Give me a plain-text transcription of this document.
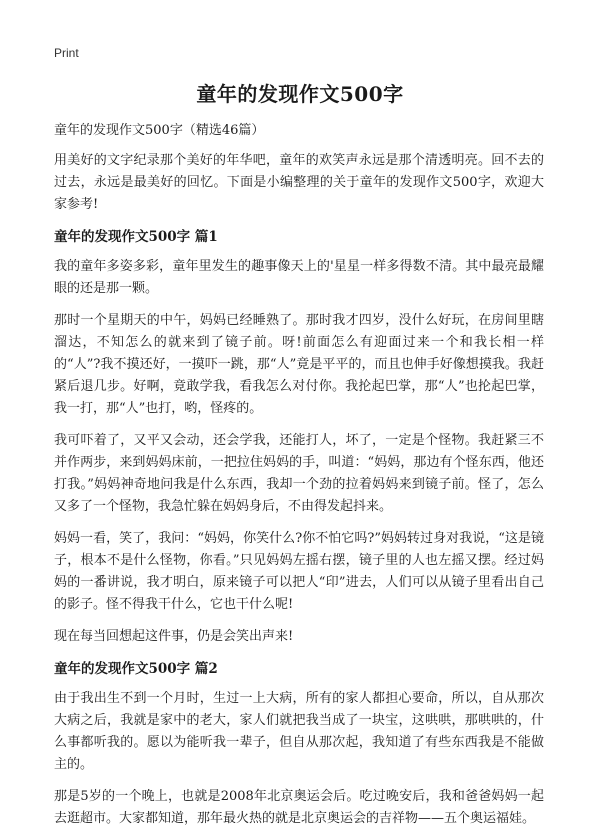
Print
童年的发现作文500字

童年的发现作文500字（精选46篇）

用美好的文字纪录那个美好的年华吧，童年的欢笑声永远是那个清透明亮。回不去的过去，永远是最美好的回忆。下面是小编整理的关于童年的发现作文500字，欢迎大家参考!

童年的发现作文500字 篇1

我的童年多姿多彩，童年里发生的趣事像天上的'星星一样多得数不清。其中最亮最耀眼的还是那一颗。

那时一个星期天的中午，妈妈已经睡熟了。那时我才四岁，没什么好玩，在房间里瞎溜达，不知怎么的就来到了镜子前。呀!前面怎么有迎面过来一个和我长相一样的“人”?我不摸还好，一摸吓一跳，那“人”竟是平平的，而且也伸手好像想摸我。我赶紧后退几步。好啊，竟敢学我，看我怎么对付你。我抡起巴掌，那“人”也抡起巴掌，我一打，那“人”也打，哟，怪疼的。

我可吓着了，又平又会动，还会学我，还能打人，坏了，一定是个怪物。我赶紧三不并作两步，来到妈妈床前，一把拉住妈妈的手，叫道：“妈妈，那边有个怪东西，他还打我。”妈妈神奇地问我是什么东西，我却一个劲的拉着妈妈来到镜子前。怪了，怎么又多了一个怪物，我急忙躲在妈妈身后，不由得发起抖来。

妈妈一看，笑了，我问：“妈妈，你笑什么?你不怕它吗?”妈妈转过身对我说，“这是镜子，根本不是什么怪物，你看。”只见妈妈左摇右摆，镜子里的人也左摇又摆。经过妈妈的一番讲说，我才明白，原来镜子可以把人“印”进去，人们可以从镜子里看出自己的影子。怪不得我干什么，它也干什么呢!

现在每当回想起这件事，仍是会笑出声来!

童年的发现作文500字 篇2

由于我出生不到一个月时，生过一上大病，所有的家人都担心要命，所以，自从那次大病之后，我就是家中的老大，家人们就把我当成了一块宝，这哄哄，那哄哄的，什么事都听我的。愿以为能听我一辈子，但自从那次起，我知道了有些东西我是不能做主的。

那是5岁的一个晚上，也就是2008年北京奥运会后。吃过晚安后，我和爸爸妈妈一起去逛超市。大家都知道，那年最火热的就是北京奥运会的吉祥物——五个奥运福娃。
